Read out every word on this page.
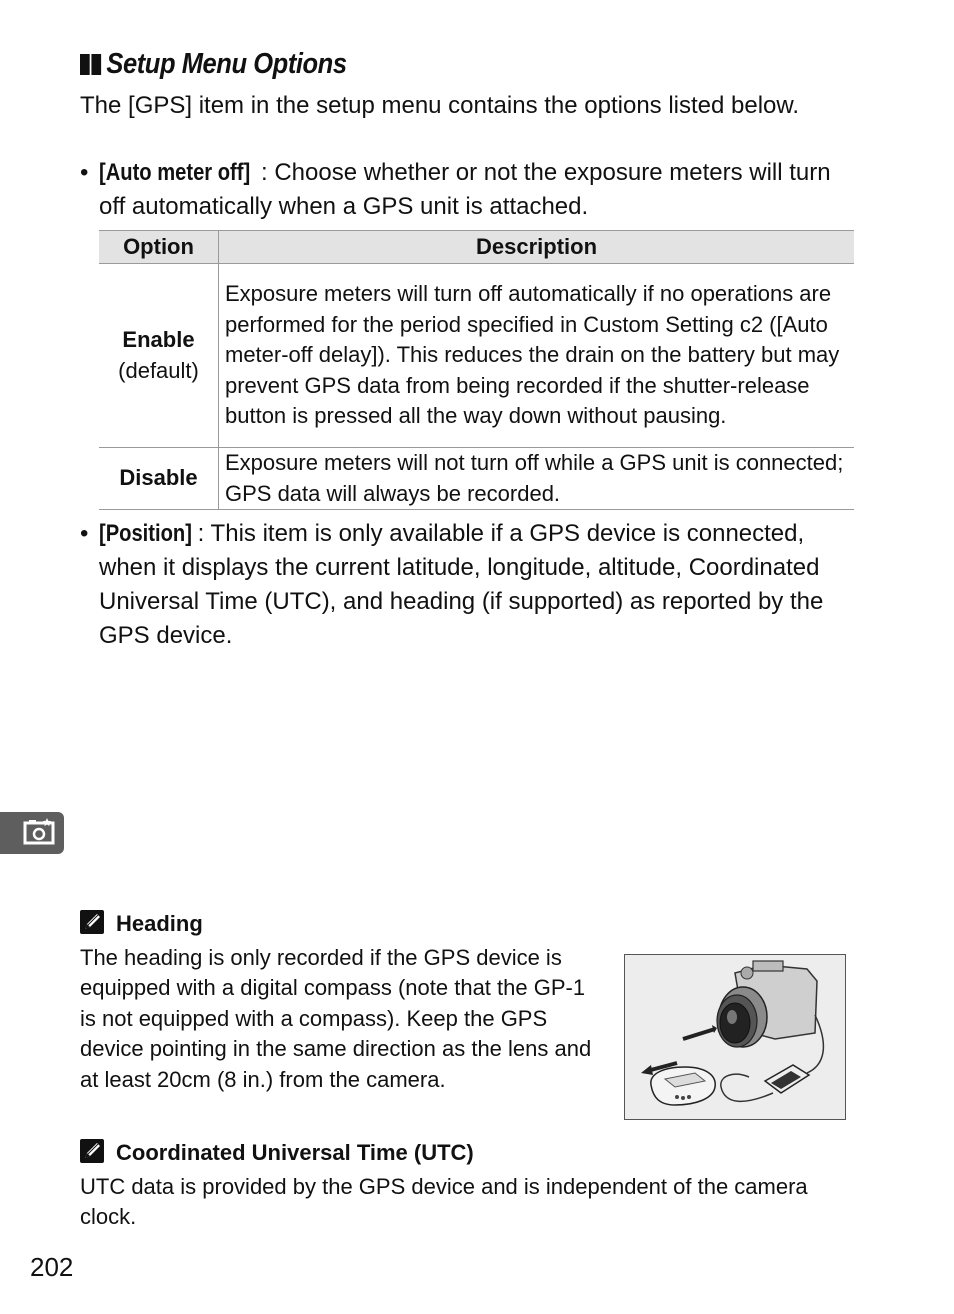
Setup Menu Options
The [GPS] item in the setup menu contains the options listed below.
• [Auto meter off] : Choose whether or not the exposure meters will turn off automatically when a GPS unit is attached.
Option	Description

Enable
(default)	Exposure meters will turn off automatically if no operations are performed for the period specified in Custom Setting c2 ([Auto meter-off delay]). This reduces the drain on the battery but may prevent GPS data from being recorded if the shutter-release button is pressed all the way down without pausing.

Disable	Exposure meters will not turn off while a GPS unit is connected; GPS data will always be recorded.
• [Position] : This item is only available if a GPS device is connected, when it displays the current latitude, longitude, altitude, Coordinated Universal Time (UTC), and heading (if supported) as reported by the GPS device.
Heading
The heading is only recorded if the GPS device is equipped with a digital compass (note that the GP-1 is not equipped with a compass). Keep the GPS device pointing in the same direction as the lens and at least 20cm (8 in.) from the camera.
Coordinated Universal Time (UTC)
UTC data is provided by the GPS device and is independent of the camera clock.
202
